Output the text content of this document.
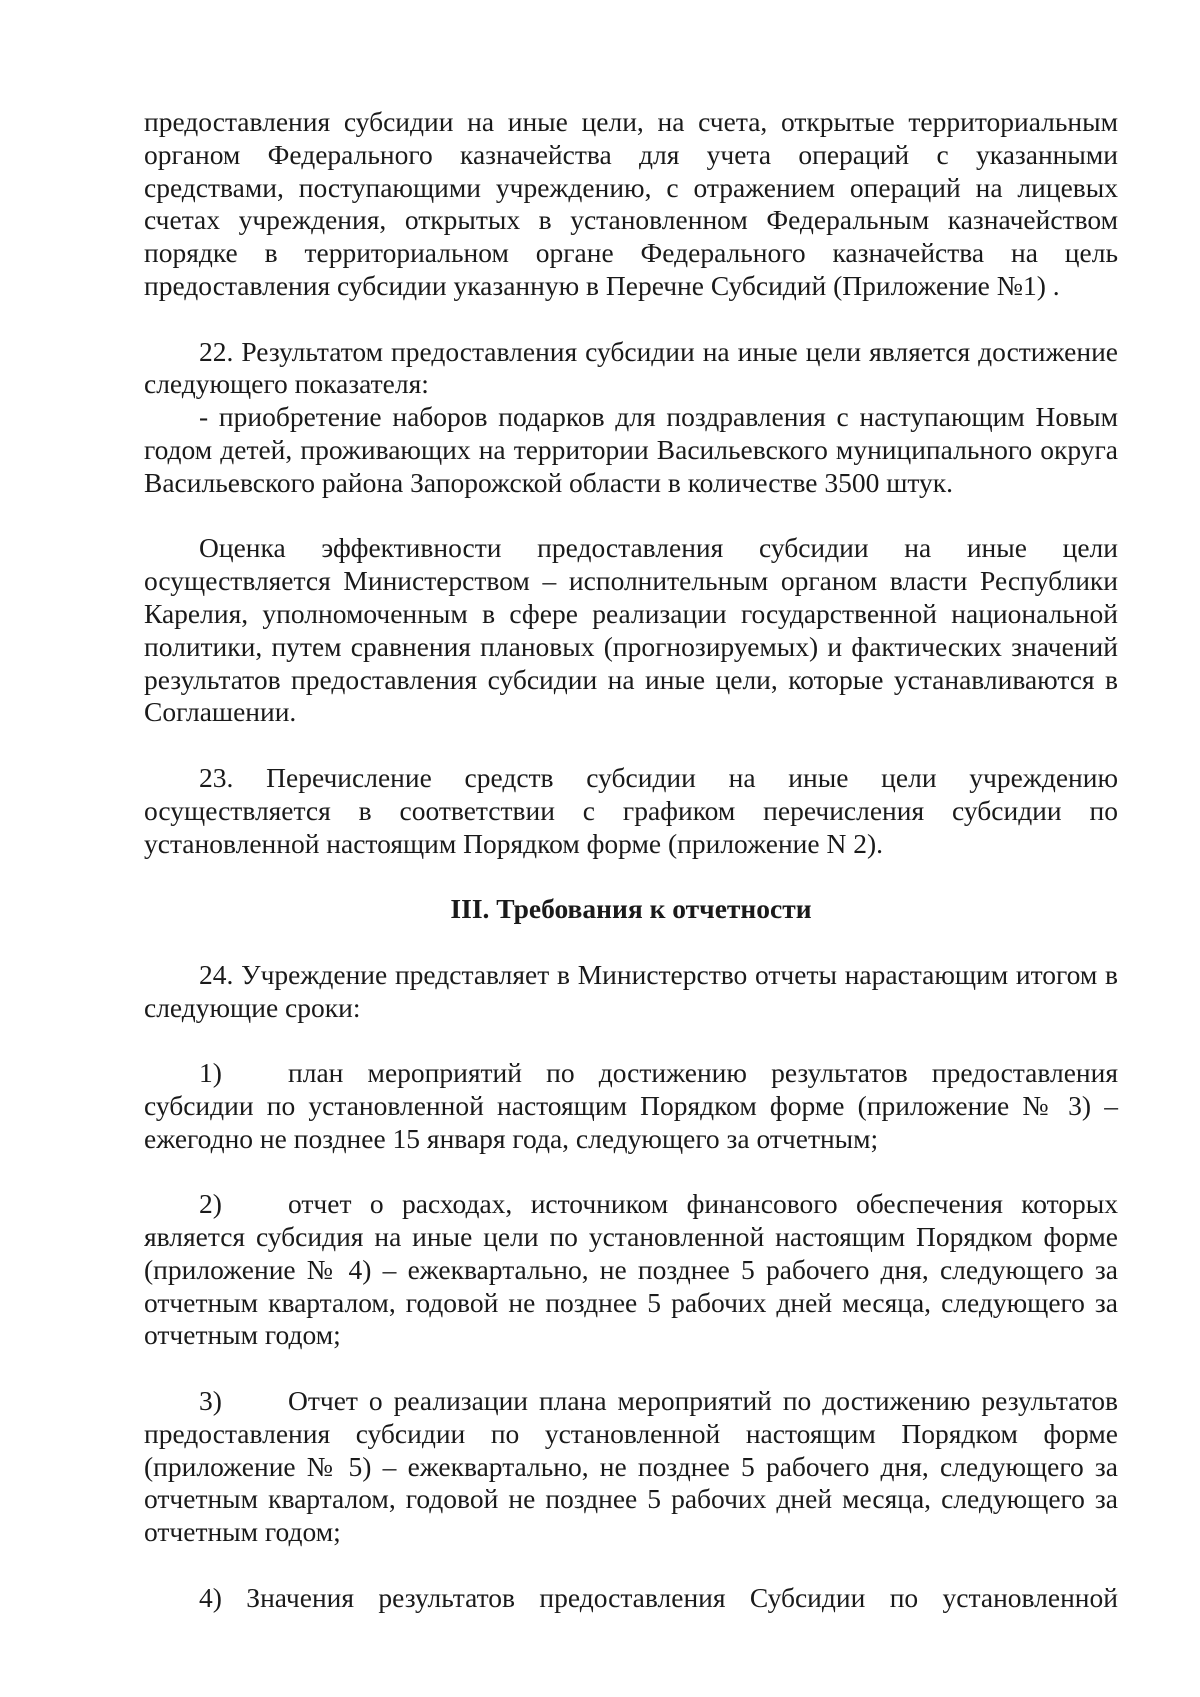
предоставления субсидии на иные цели, на счета, открытые территориальным органом Федерального казначейства для учета операций с указанными средствами, поступающими учреждению, с отражением операций на лицевых счетах учреждения, открытых в установленном Федеральным казначейством порядке в территориальном органе Федерального казначейства на цель предоставления субсидии указанную в Перечне Субсидий (Приложение №1) .

22. Результатом предоставления субсидии на иные цели является достижение следующего показателя:

- приобретение наборов подарков для поздравления с наступающим Новым годом детей, проживающих на территории Васильевского муниципального округа Васильевского района Запорожской области в количестве 3500 штук.

Оценка эффективности предоставления субсидии на иные цели осуществляется Министерством – исполнительным органом власти Республики Карелия, уполномоченным в сфере реализации государственной национальной политики, путем сравнения плановых (прогнозируемых) и фактических значений результатов предоставления субсидии на иные цели, которые устанавливаются в Соглашении.

23. Перечисление средств субсидии на иные цели учреждению осуществляется в соответствии с графиком перечисления субсидии по установленной настоящим Порядком форме (приложение N 2).

III. Требования к отчетности

24. Учреждение представляет в Министерство отчеты нарастающим итогом в следующие сроки:

1) план мероприятий по достижению результатов предоставления субсидии по установленной настоящим Порядком форме (приложение № 3) – ежегодно не позднее 15 января года, следующего за отчетным;

2) отчет о расходах, источником финансового обеспечения которых является субсидия на иные цели по установленной настоящим Порядком форме (приложение № 4) – ежеквартально, не позднее 5 рабочего дня, следующего за отчетным кварталом, годовой не позднее 5 рабочих дней месяца, следующего за отчетным годом;

3) Отчет о реализации плана мероприятий по достижению результатов предоставления субсидии по установленной настоящим Порядком форме (приложение № 5) – ежеквартально, не позднее 5 рабочего дня, следующего за отчетным кварталом, годовой не позднее 5 рабочих дней месяца, следующего за отчетным годом;

4) Значения результатов предоставления Субсидии по установленной
